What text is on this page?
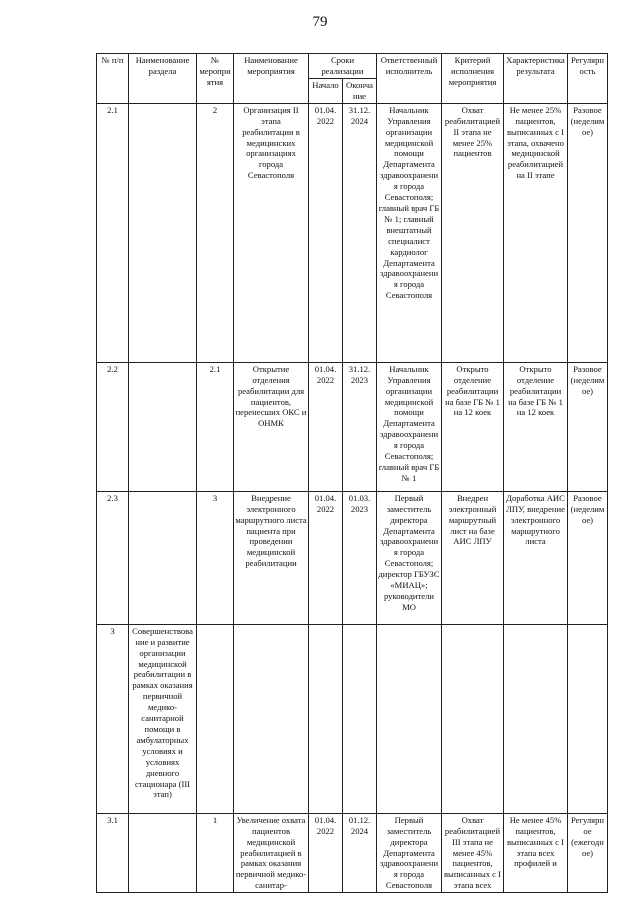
79
№ п/п	Наименование раздела	№ мероприятия	Наименование мероприятия	Сроки реализации		Ответственный исполнитель	Критерий исполнения мероприятия	Характеристика результата	Регулярность
				Начало	Окончание				
2.1		2	Организация II этапа реабилитации в медицинских организациях города Севастополя	01.04. 2022	31.12. 2024	Начальник Управления организации медицинской помощи Департамента здравоохранения города Севастополя; главный врач ГБ № 1; главный внештатный специалист кардиолог Департамента здравоохранения города Севастополя	Охват реабилитацией II этапа не менее 25% пациентов	Не менее 25% пациентов, выписанных с I этапа, охвачено медицинской реабилитацией на II этапе	Разовое (неделимое)
2.2		2.1	Открытие отделения реабилитации для пациентов, перенесших ОКС и ОНМК	01.04. 2022	31.12. 2023	Начальник Управления организации медицинской помощи Департамента здравоохранения города Севастополя; главный врач ГБ № 1	Открыто отделение реабилитации на базе ГБ № 1 на 12 коек	Открыто отделение реабилитации на базе ГБ № 1 на 12 коек	Разовое (неделимое)
2.3		3	Внедрение электронного маршрутного листа пациента при проведении медицинской реабилитации	01.04. 2022	01.03. 2023	Первый заместитель директора Департамента здравоохранения города Севастополя; директор ГБУЗС «МИАЦ»; руководители МО	Внедрен электронный маршрутный лист на базе АИС ЛПУ	Доработка АИС ЛПУ, внедрение электронного маршрутного листа	Разовое (неделимое)
3	Совершенствование и развитие организации медицинской реабилитации в рамках оказания первичной медико-санитарной помощи в амбулаторных условиях и условиях дневного стационара (III этап)								
3.1		1	Увеличение охвата пациентов медицинской реабилитацией в рамках оказания первичной медико-санитар-	01.04. 2022	01.12. 2024	Первый заместитель директора Департамента здравоохранения города Севастополя	Охват реабилитацией III этапа не менее 45% пациентов, выписанных с I этапа всех	Не менее 45% пациентов, выписанных с I этапа всех профилей и	Регулярное (ежегодное)
